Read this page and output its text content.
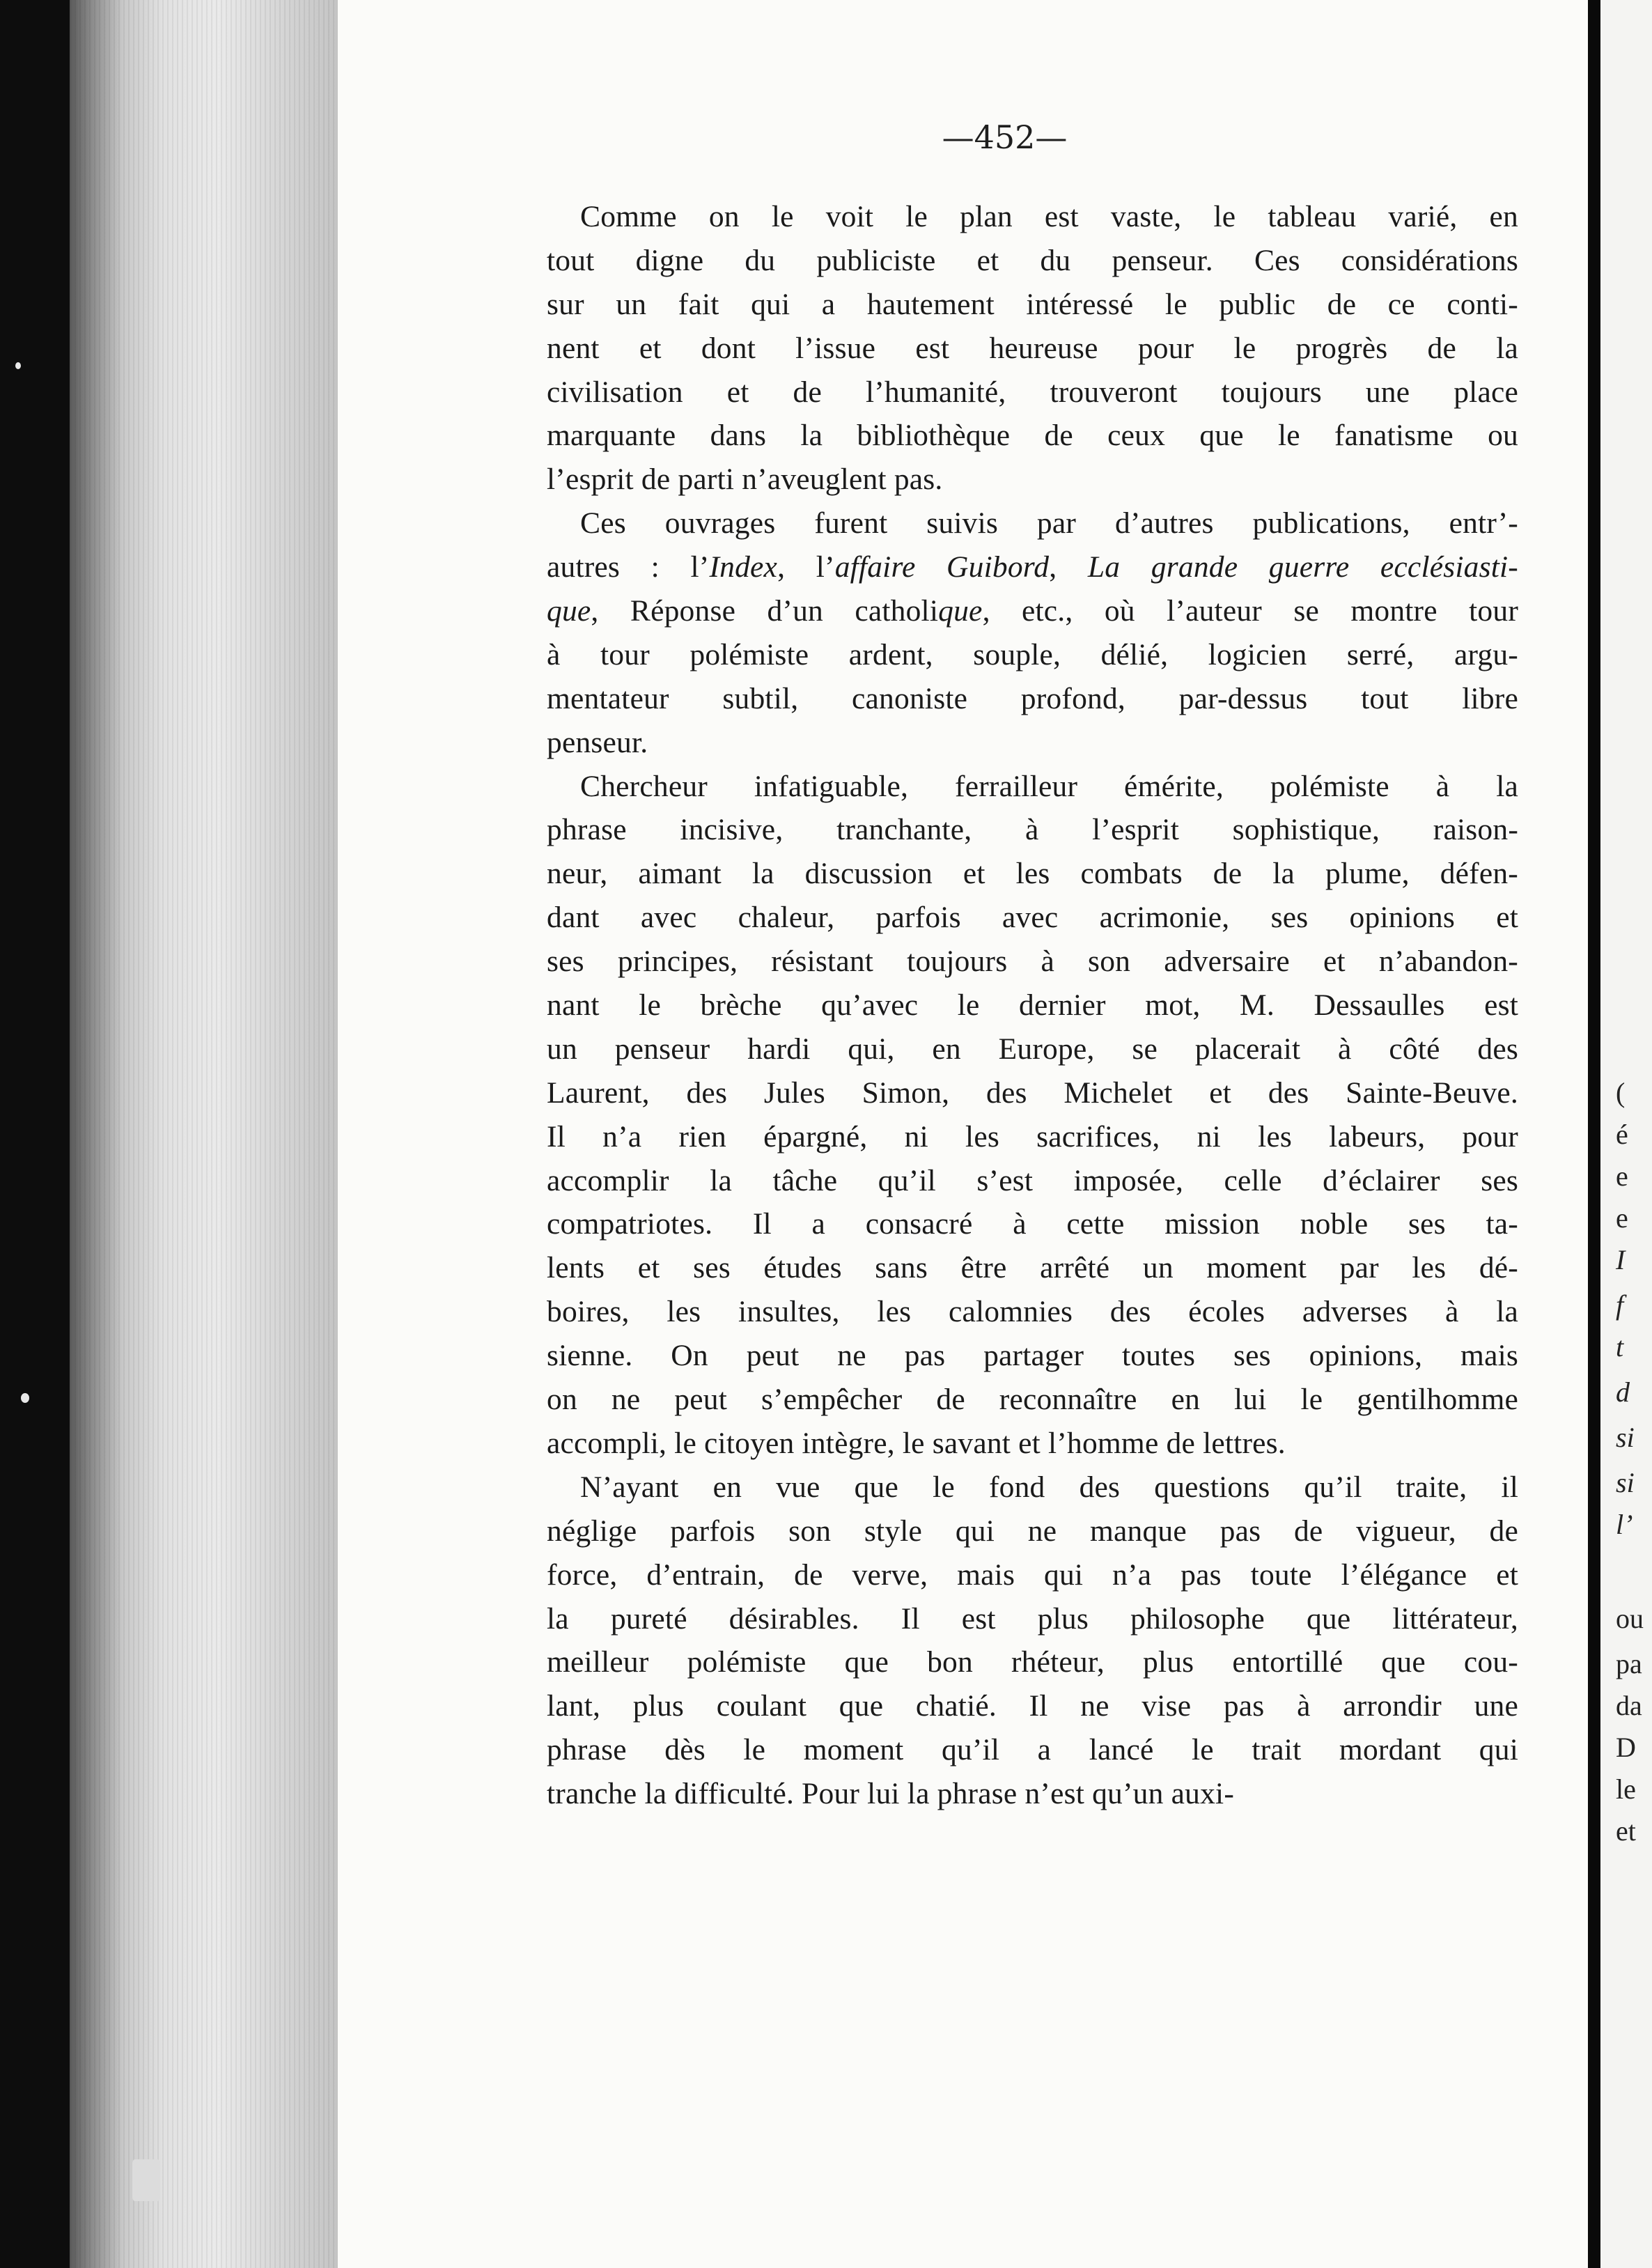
—452—
Comme on le voit le plan est vaste, le tableau varié, en
tout digne du publiciste et du penseur. Ces considérations
sur un fait qui a hautement intéressé le public de ce conti-
nent et dont l’issue est heureuse pour le progrès de la
civilisation et de l’humanité, trouveront toujours une place
marquante dans la bibliothèque de ceux que le fanatisme ou
l’esprit de parti n’aveuglent pas.
Ces ouvrages furent suivis par d’autres publications, entr’-
autres : l’Index, l’affaire Guibord, La grande guerre ecclésiasti-
que, Réponse d’un catholique, etc., où l’auteur se montre tour
à tour polémiste ardent, souple, délié, logicien serré, argu-
mentateur subtil, canoniste profond, par-dessus tout libre
penseur.
Chercheur infatiguable, ferrailleur émérite, polémiste à la
phrase incisive, tranchante, à l’esprit sophistique, raison-
neur, aimant la discussion et les combats de la plume, défen-
dant avec chaleur, parfois avec acrimonie, ses opinions et
ses principes, résistant toujours à son adversaire et n’abandon-
nant le brèche qu’avec le dernier mot, M. Dessaulles est
un penseur hardi qui, en Europe, se placerait à côté des
Laurent, des Jules Simon, des Michelet et des Sainte-Beuve.
Il n’a rien épargné, ni les sacrifices, ni les labeurs, pour
accomplir la tâche qu’il s’est imposée, celle d’éclairer ses
compatriotes. Il a consacré à cette mission noble ses ta-
lents et ses études sans être arrêté un moment par les dé-
boires, les insultes, les calomnies des écoles adverses à la
sienne. On peut ne pas partager toutes ses opinions, mais
on ne peut s’empêcher de reconnaître en lui le gentilhomme
accompli, le citoyen intègre, le savant et l’homme de lettres.
N’ayant en vue que le fond des questions qu’il traite, il
néglige parfois son style qui ne manque pas de vigueur, de
force, d’entrain, de verve, mais qui n’a pas toute l’élégance et
la pureté désirables. Il est plus philosophe que littérateur,
meilleur polémiste que bon rhéteur, plus entortillé que cou-
lant, plus coulant que chatié. Il ne vise pas à arrondir une
phrase dès le moment qu’il a lancé le trait mordant qui
tranche la difficulté. Pour lui la phrase n’est qu’un auxi-
(
é
e
e
I
f
t
d
si
si
l’
ou
pa
da
D
le
et
